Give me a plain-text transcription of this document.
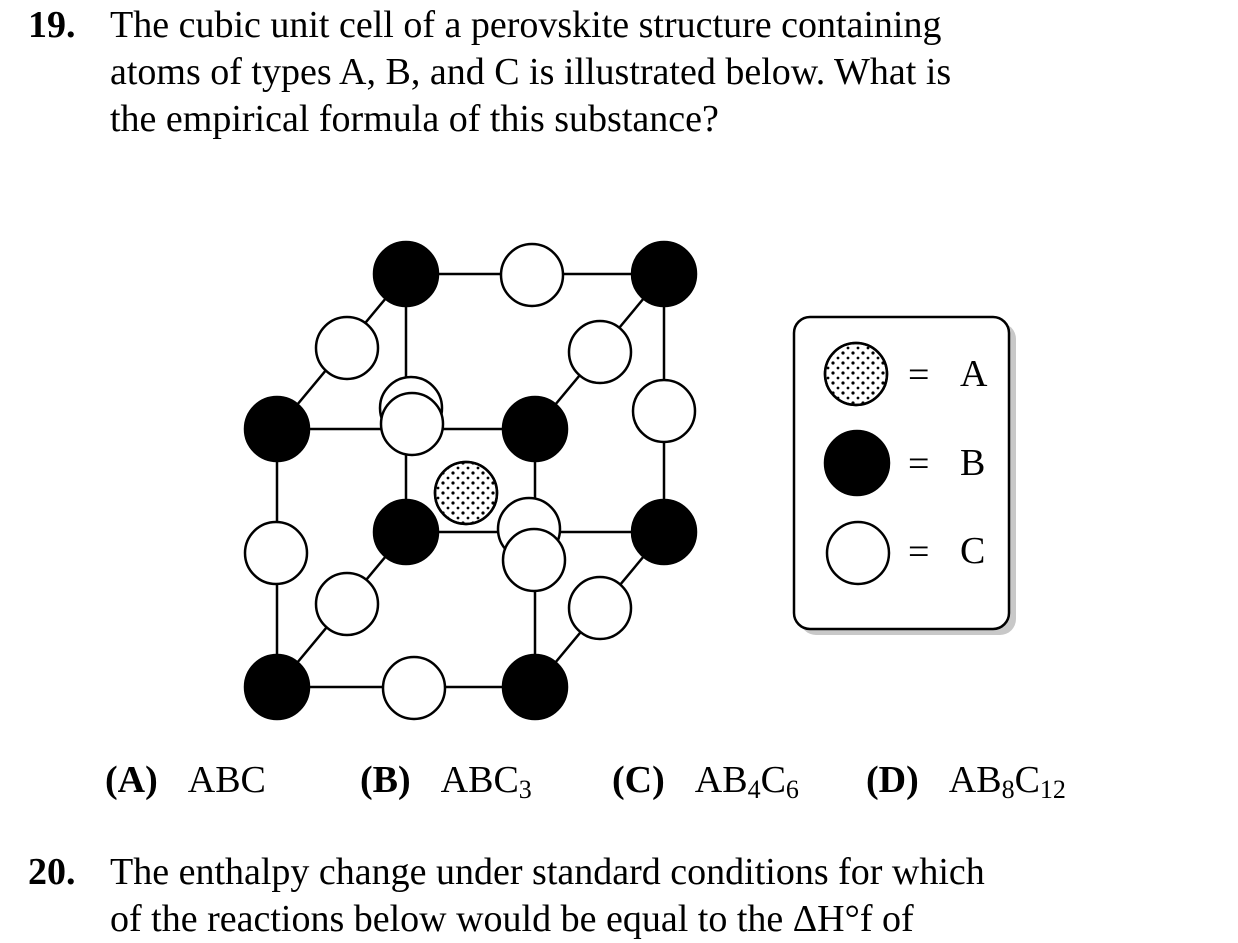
19. The cubic unit cell of a perovskite structure containing
atoms of types A, B, and C is illustrated below. What is
the empirical formula of this substance?
= A
= B
= C
(A) ABC (B) $ABC_3$ (C) $AB_4C_6$ (D) $AB_8C_{12}$
20. The enthalpy change under standard conditions for which
of the reactions below would be equal to the ΔH°f of
